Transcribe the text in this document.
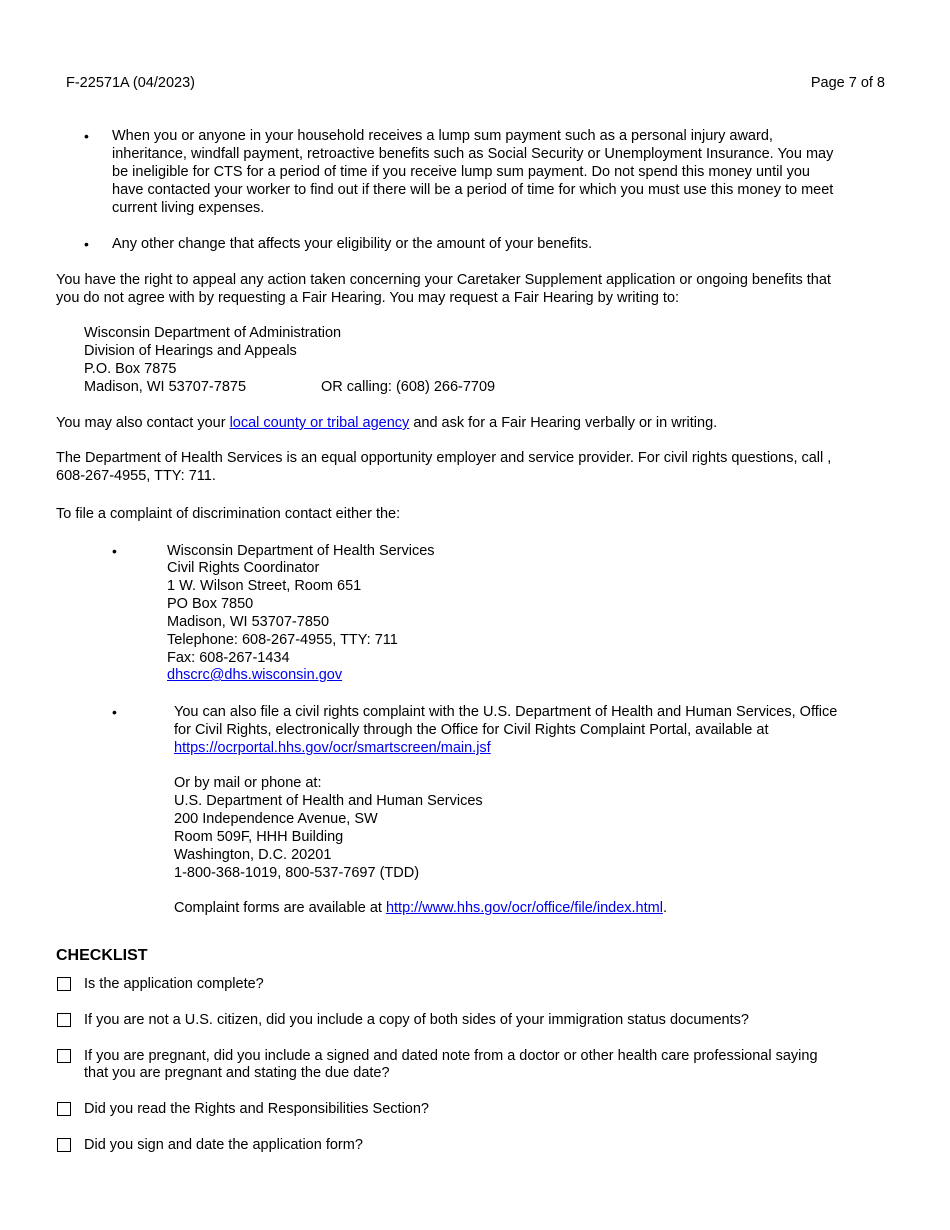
F-22571A (04/2023)	Page 7 of 8
• When you or anyone in your household receives a lump sum payment such as a personal injury award,
inheritance, windfall payment, retroactive benefits such as Social Security or Unemployment Insurance. You may
be ineligible for CTS for a period of time if you receive lump sum payment. Do not spend this money until you
have contacted your worker to find out if there will be a period of time for which you must use this money to meet
current living expenses.
• Any other change that affects your eligibility or the amount of your benefits.
You have the right to appeal any action taken concerning your Caretaker Supplement application or ongoing benefits that
you do not agree with by requesting a Fair Hearing. You may request a Fair Hearing by writing to:
Wisconsin Department of Administration
Division of Hearings and Appeals
P.O. Box 7875
Madison, WI 53707-7875	OR calling: (608) 266-7709
You may also contact your local county or tribal agency and ask for a Fair Hearing verbally or in writing.
The Department of Health Services is an equal opportunity employer and service provider. For civil rights questions, call ,
608-267-4955, TTY: 711.
To file a complaint of discrimination contact either the:
•	Wisconsin Department of Health Services
Civil Rights Coordinator
1 W. Wilson Street, Room 651
PO Box 7850
Madison, WI 53707-7850
Telephone: 608-267-4955, TTY: 711
Fax: 608-267-1434
dhscrc@dhs.wisconsin.gov
•	You can also file a civil rights complaint with the U.S. Department of Health and Human Services, Office
for Civil Rights, electronically through the Office for Civil Rights Complaint Portal, available at
https://ocrportal.hhs.gov/ocr/smartscreen/main.jsf
Or by mail or phone at:
U.S. Department of Health and Human Services
200 Independence Avenue, SW
Room 509F, HHH Building
Washington, D.C. 20201
1-800-368-1019, 800-537-7697 (TDD)
Complaint forms are available at http://www.hhs.gov/ocr/office/file/index.html.
CHECKLIST
Is the application complete?
If you are not a U.S. citizen, did you include a copy of both sides of your immigration status documents?
If you are pregnant, did you include a signed and dated note from a doctor or other health care professional saying
that you are pregnant and stating the due date?
Did you read the Rights and Responsibilities Section?
Did you sign and date the application form?
